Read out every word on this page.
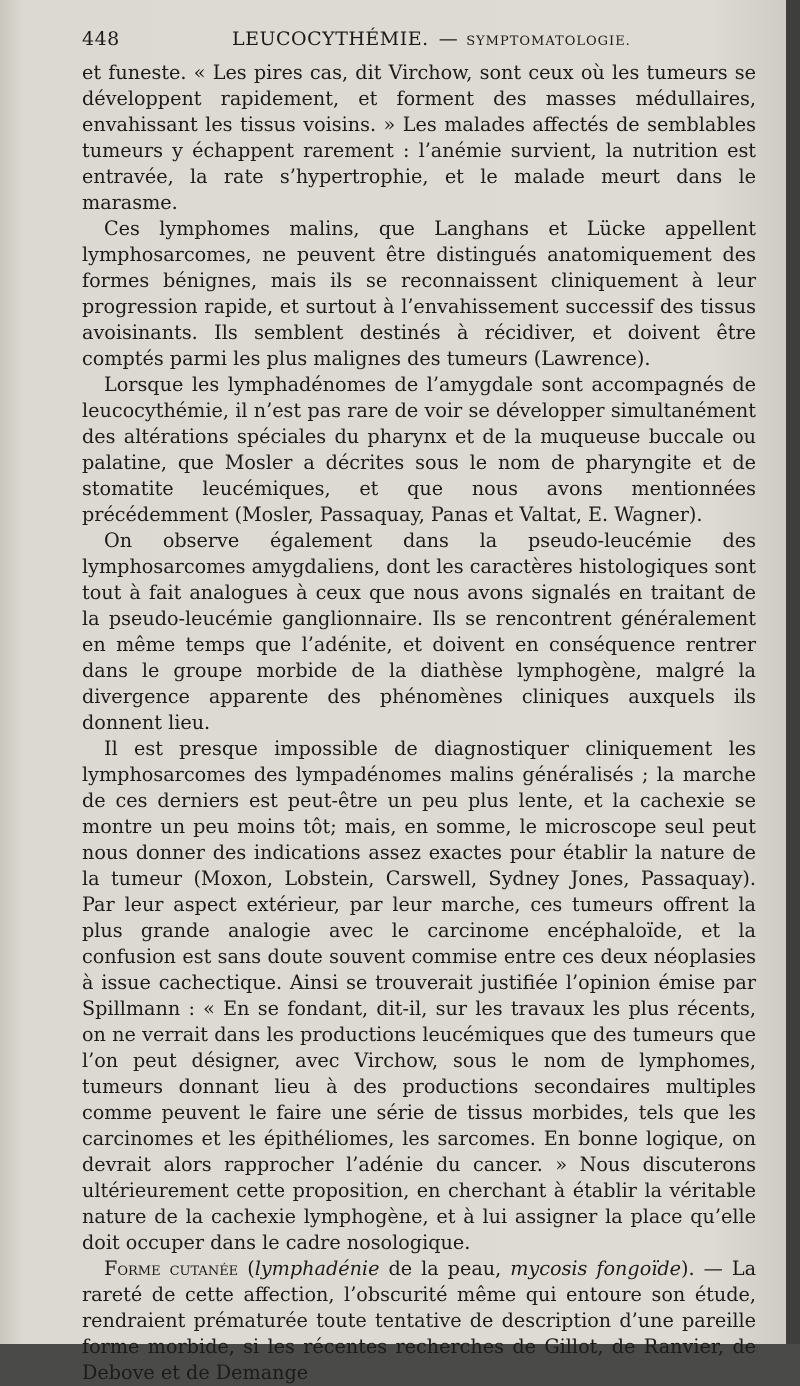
448	LEUCOCYTHÉMIE. — SYMPTOMATOLOGIE.

et funeste. « Les pires cas, dit Virchow, sont ceux où les tumeurs se développent rapidement, et forment des masses médullaires, envahissant les tissus voisins. » Les malades affectés de semblables tumeurs y échappent rarement : l’anémie survient, la nutrition est entravée, la rate s’hypertrophie, et le malade meurt dans le marasme.

Ces lymphomes malins, que Langhans et Lücke appellent lymphosarcomes, ne peuvent être distingués anatomiquement des formes bénignes, mais ils se reconnaissent cliniquement à leur progression rapide, et surtout à l’envahissement successif des tissus avoisinants. Ils semblent destinés à récidiver, et doivent être comptés parmi les plus malignes des tumeurs (Lawrence).

Lorsque les lymphadénomes de l’amygdale sont accompagnés de leucocythémie, il n’est pas rare de voir se développer simultanément des altérations spéciales du pharynx et de la muqueuse buccale ou palatine, que Mosler a décrites sous le nom de pharyngite et de stomatite leucémiques, et que nous avons mentionnées précédemment (Mosler, Passaquay, Panas et Valtat, E. Wagner).

On observe également dans la pseudo-leucémie des lymphosarcomes amygdaliens, dont les caractères histologiques sont tout à fait analogues à ceux que nous avons signalés en traitant de la pseudo-leucémie ganglionnaire. Ils se rencontrent généralement en même temps que l’adénite, et doivent en conséquence rentrer dans le groupe morbide de la diathèse lymphogène, malgré la divergence apparente des phénomènes cliniques auxquels ils donnent lieu.

Il est presque impossible de diagnostiquer cliniquement les lymphosarcomes des lympadénomes malins généralisés ; la marche de ces derniers est peut-être un peu plus lente, et la cachexie se montre un peu moins tôt; mais, en somme, le microscope seul peut nous donner des indications assez exactes pour établir la nature de la tumeur (Moxon, Lobstein, Carswell, Sydney Jones, Passaquay). Par leur aspect extérieur, par leur marche, ces tumeurs offrent la plus grande analogie avec le carcinome encéphaloïde, et la confusion est sans doute souvent commise entre ces deux néoplasies à issue cachectique. Ainsi se trouverait justifiée l’opinion émise par Spillmann : « En se fondant, dit-il, sur les travaux les plus récents, on ne verrait dans les productions leucémiques que des tumeurs que l’on peut désigner, avec Virchow, sous le nom de lymphomes, tumeurs donnant lieu à des productions secondaires multiples comme peuvent le faire une série de tissus morbides, tels que les carcinomes et les épithéliomes, les sarcomes. En bonne logique, on devrait alors rapprocher l’adénie du cancer. » Nous discuterons ultérieurement cette proposition, en cherchant à établir la véritable nature de la cachexie lymphogène, et à lui assigner la place qu’elle doit occuper dans le cadre nosologique.

Forme cutanée (lymphadénie de la peau, mycosis fongoïde). — La rareté de cette affection, l’obscurité même qui entoure son étude, rendraient prématurée toute tentative de description d’une pareille forme morbide, si les récentes recherches de Gillot, de Ranvier, de Debove et de Demange
